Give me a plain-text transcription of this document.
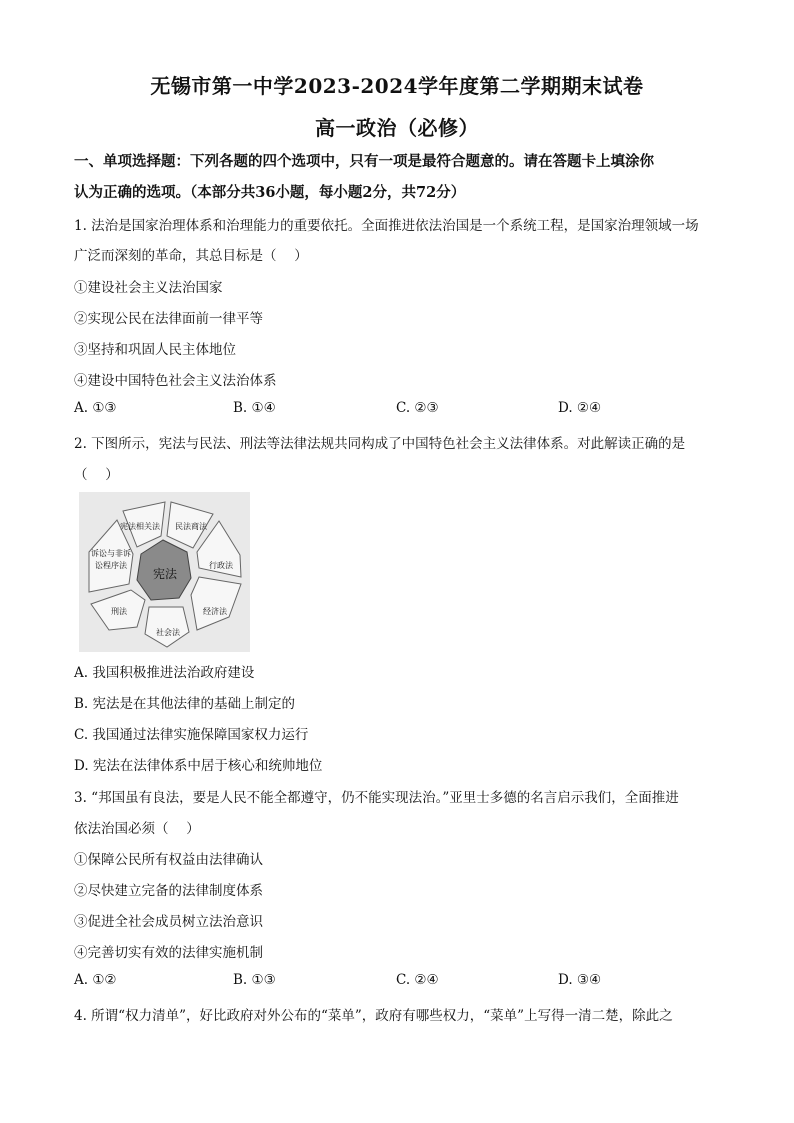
无锡市第一中学2023-2024学年度第二学期期末试卷
高一政治（必修）
一、单项选择题：下列各题的四个选项中，只有一项是最符合题意的。请在答题卡上填涂你
认为正确的选项。（本部分共36小题，每小题2分，共72分）
1. 法治是国家治理体系和治理能力的重要依托。全面推进依法治国是一个系统工程，是国家治理领域一场
广泛而深刻的革命，其总目标是（　 ）
①建设社会主义法治国家
②实现公民在法律面前一律平等
③坚持和巩固人民主体地位
④建设中国特色社会主义法治体系
A. ①③	B. ①④	C. ②③	D. ②④
2. 下图所示，宪法与民法、刑法等法律法规共同构成了中国特色社会主义法律体系。对此解读正确的是
（　 ）
宪法相关法 民法商法
行政法
经济法
社会法
刑法
诉讼与非诉
讼程序法
宪法
A. 我国积极推进法治政府建设
B. 宪法是在其他法律的基础上制定的
C. 我国通过法律实施保障国家权力运行
D. 宪法在法律体系中居于核心和统帅地位
3. “邦国虽有良法，要是人民不能全都遵守，仍不能实现法治。”亚里士多德的名言启示我们，全面推进
依法治国必须（　 ）
①保障公民所有权益由法律确认
②尽快建立完备的法律制度体系
③促进全社会成员树立法治意识
④完善切实有效的法律实施机制
A. ①②	B. ①③	C. ②④	D. ③④
4. 所谓“权力清单”，好比政府对外公布的“菜单”，政府有哪些权力，“菜单”上写得一清二楚，除此之
